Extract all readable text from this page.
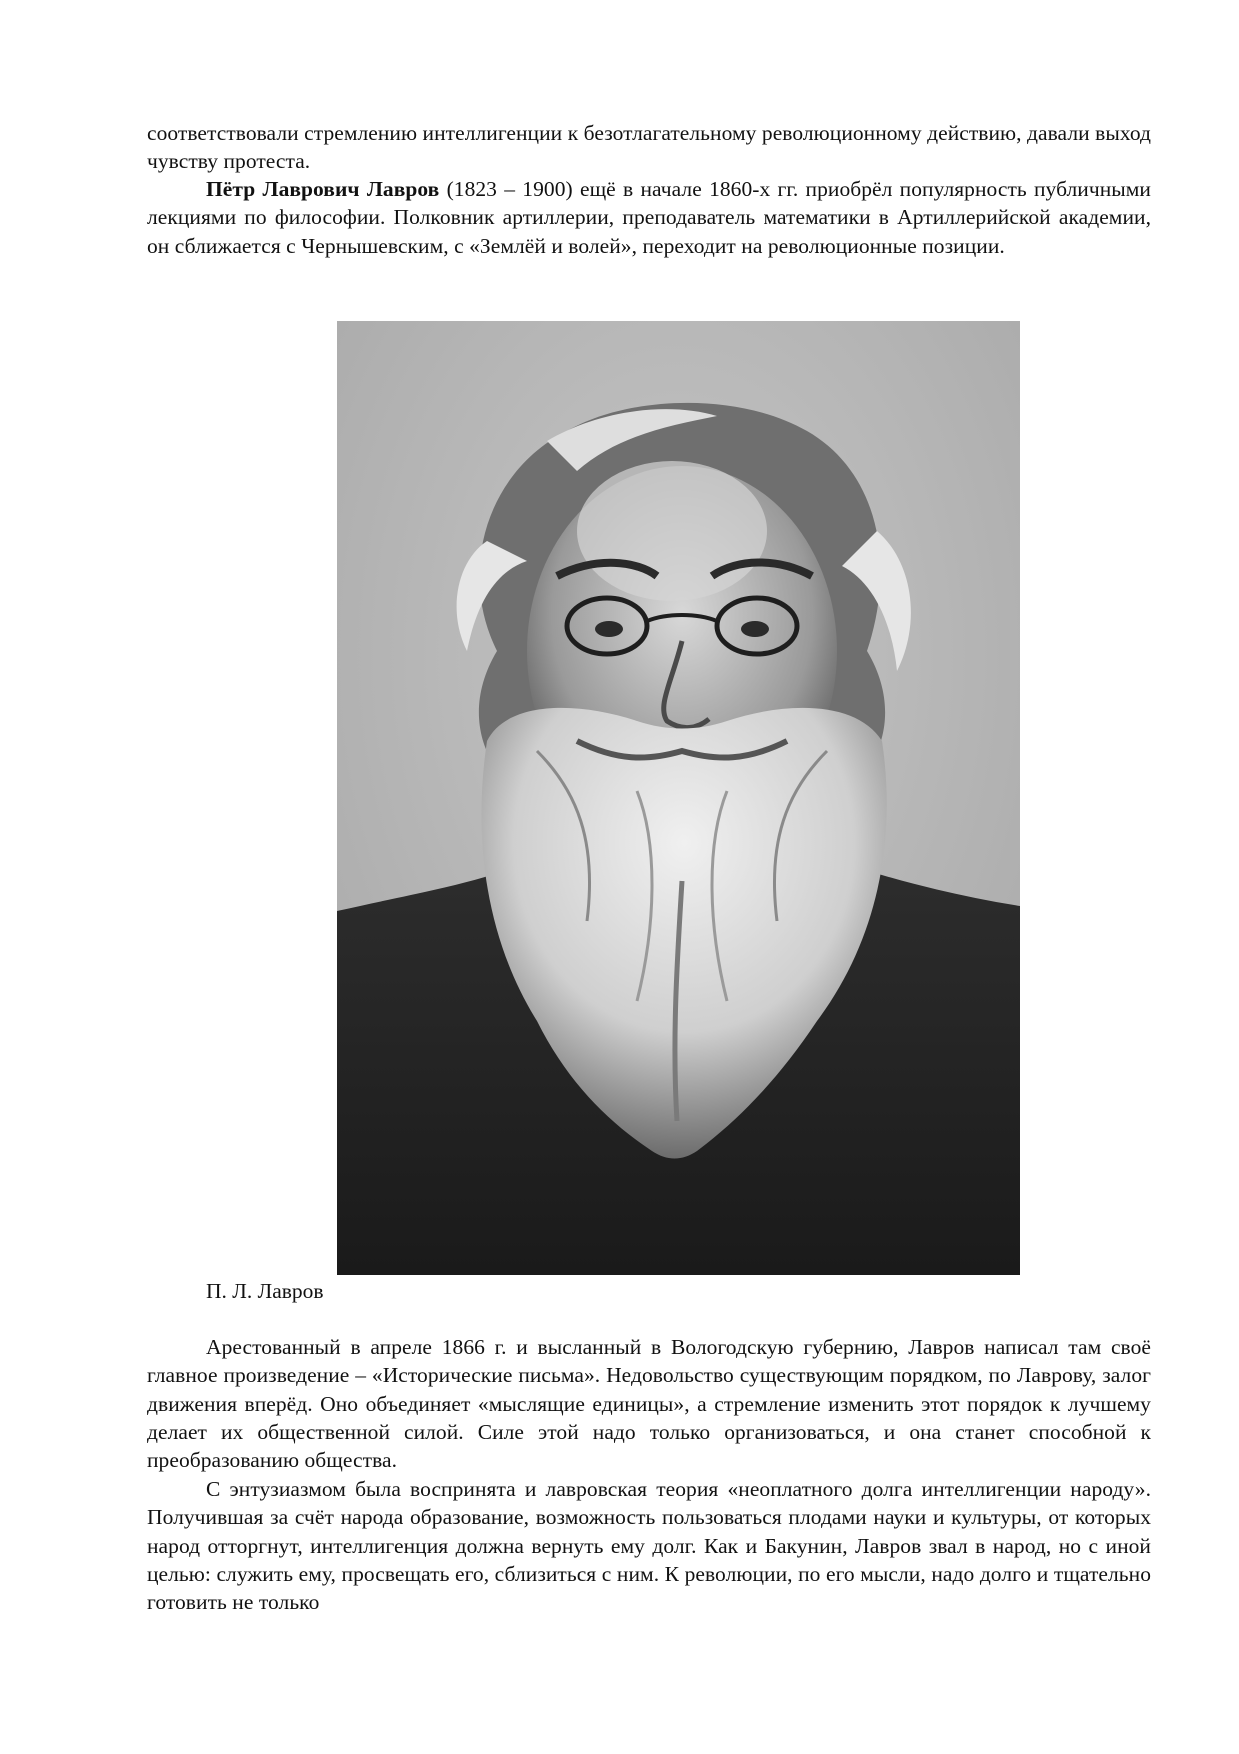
соответствовали стремлению интеллигенции к безотлагательному революционному действию, давали выход чувству протеста.

Пётр Лаврович Лавров (1823 – 1900) ещё в начале 1860-х гг. приобрёл популярность публичными лекциями по философии. Полковник артиллерии, преподаватель математики в Артиллерийской академии, он сближается с Чернышевским, с «Землёй и волей», переходит на революционные позиции.

П. Л. Лавров

Арестованный в апреле 1866 г. и высланный в Вологодскую губернию, Лавров написал там своё главное произведение – «Исторические письма». Недовольство существующим порядком, по Лаврову, залог движения вперёд. Оно объединяет «мыслящие единицы», а стремление изменить этот порядок к лучшему делает их общественной силой. Силе этой надо только организоваться, и она станет способной к преобразованию общества.

С энтузиазмом была воспринята и лавровская теория «неоплатного долга интеллигенции народу». Получившая за счёт народа образование, возможность пользоваться плодами науки и культуры, от которых народ отторгнут, интеллигенция должна вернуть ему долг. Как и Бакунин, Лавров звал в народ, но с иной целью: служить ему, просвещать его, сблизиться с ним. К революции, по его мысли, надо долго и тщательно готовить не только
